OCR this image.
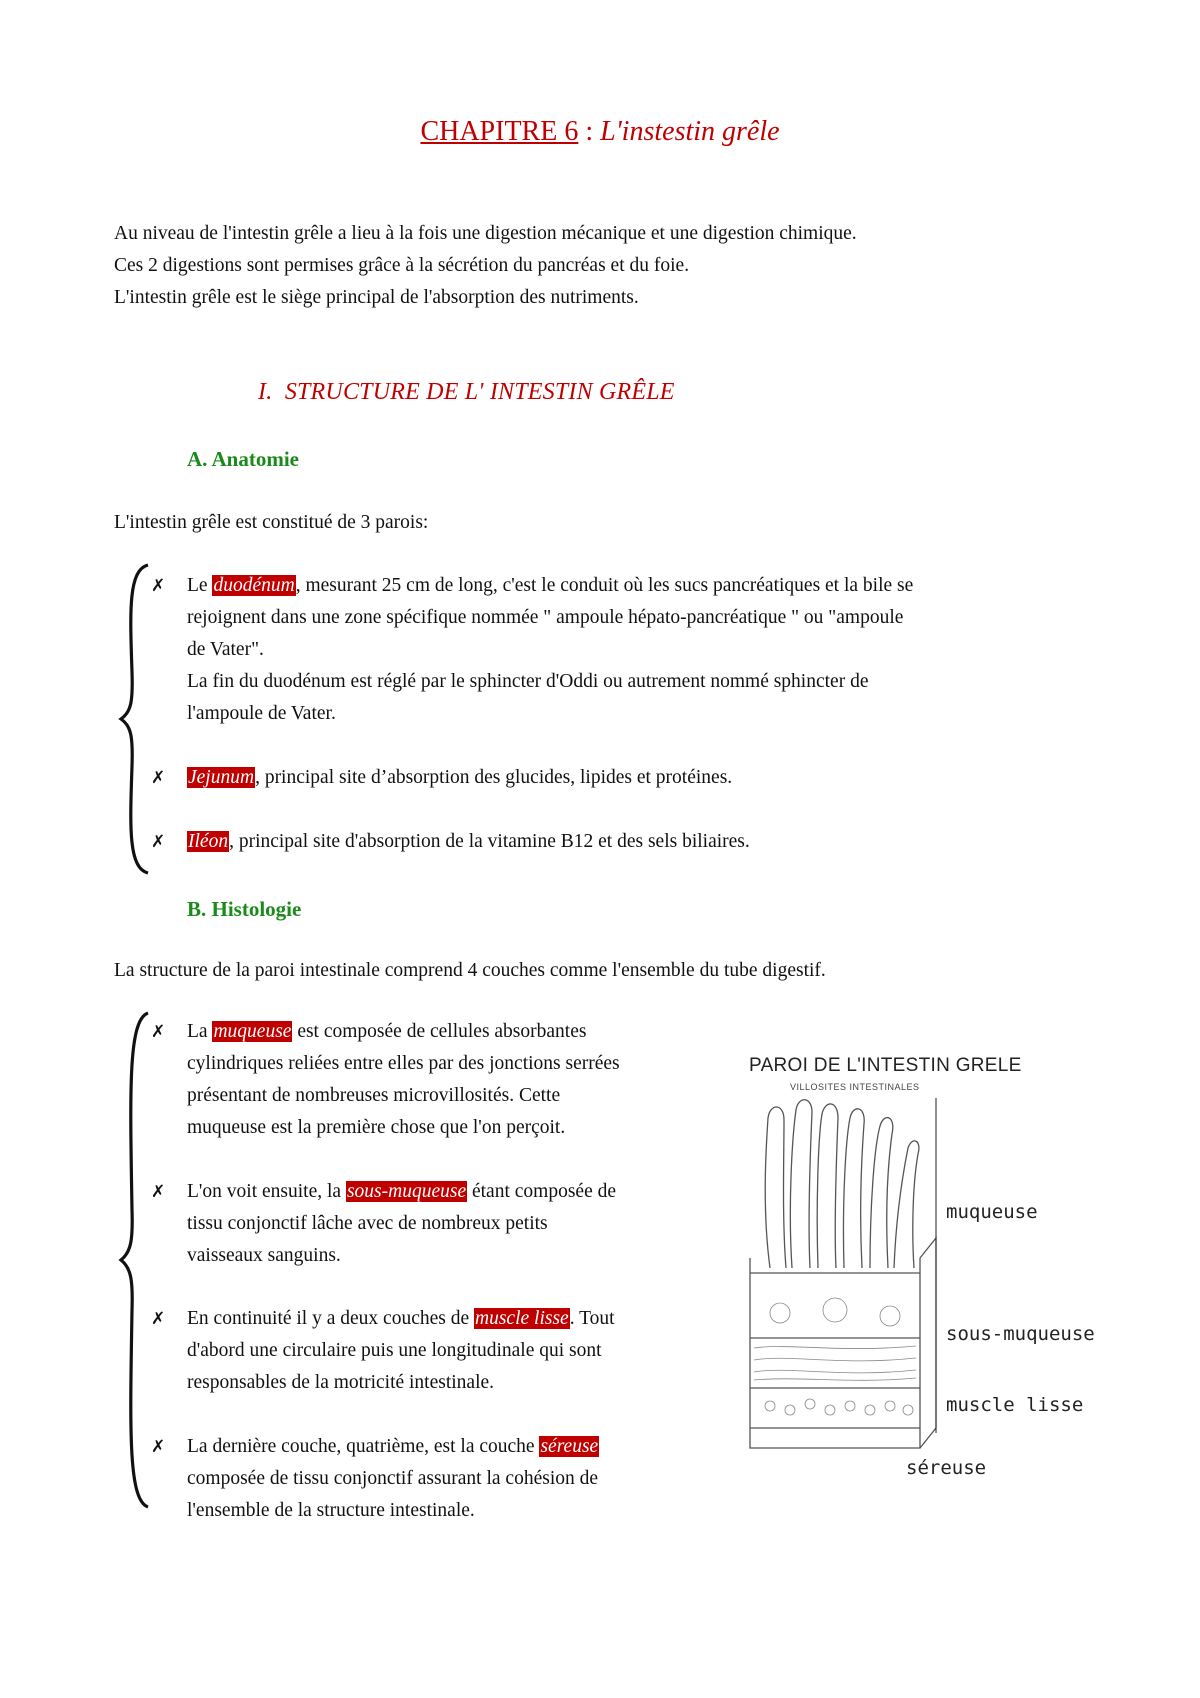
CHAPITRE 6 : L'instestin grêle
Au niveau de l'intestin grêle a lieu à la fois une digestion mécanique et une digestion chimique.
Ces 2 digestions sont permises grâce à la sécrétion du pancréas et du foie.
L'intestin grêle est le siège principal de l'absorption des nutriments.
I. STRUCTURE DE L' INTESTIN GRÊLE
A. Anatomie
L'intestin grêle est constitué de 3 parois:
✗ Le duodénum, mesurant 25 cm de long, c'est le conduit où les sucs pancréatiques et la bile se
rejoignent dans une zone spécifique nommée " ampoule hépato-pancréatique " ou "ampoule
de Vater".
La fin du duodénum est réglé par le sphincter d'Oddi ou autrement nommé sphincter de
l'ampoule de Vater.
✗ Jejunum, principal site d’absorption des glucides, lipides et protéines.
✗ Iléon, principal site d'absorption de la vitamine B12 et des sels biliaires.
B. Histologie
La structure de la paroi intestinale comprend 4 couches comme l'ensemble du tube digestif.
✗ La muqueuse est composée de cellules absorbantes
cylindriques reliées entre elles par des jonctions serrées
présentant de nombreuses microvillosités. Cette
muqueuse est la première chose que l'on perçoit.
✗ L'on voit ensuite, la sous-muqueuse étant composée de
tissu conjonctif lâche avec de nombreux petits
vaisseaux sanguins.
✗ En continuité il y a deux couches de muscle lisse. Tout
d'abord une circulaire puis une longitudinale qui sont
responsables de la motricité intestinale.
✗ La dernière couche, quatrième, est la couche séreuse
composée de tissu conjonctif assurant la cohésion de
l'ensemble de la structure intestinale.
PAROI DE L'INTESTIN GRELE
VILLOSITES INTESTINALES
muqueuse
sous-muqueuse
muscle lisse
séreuse
